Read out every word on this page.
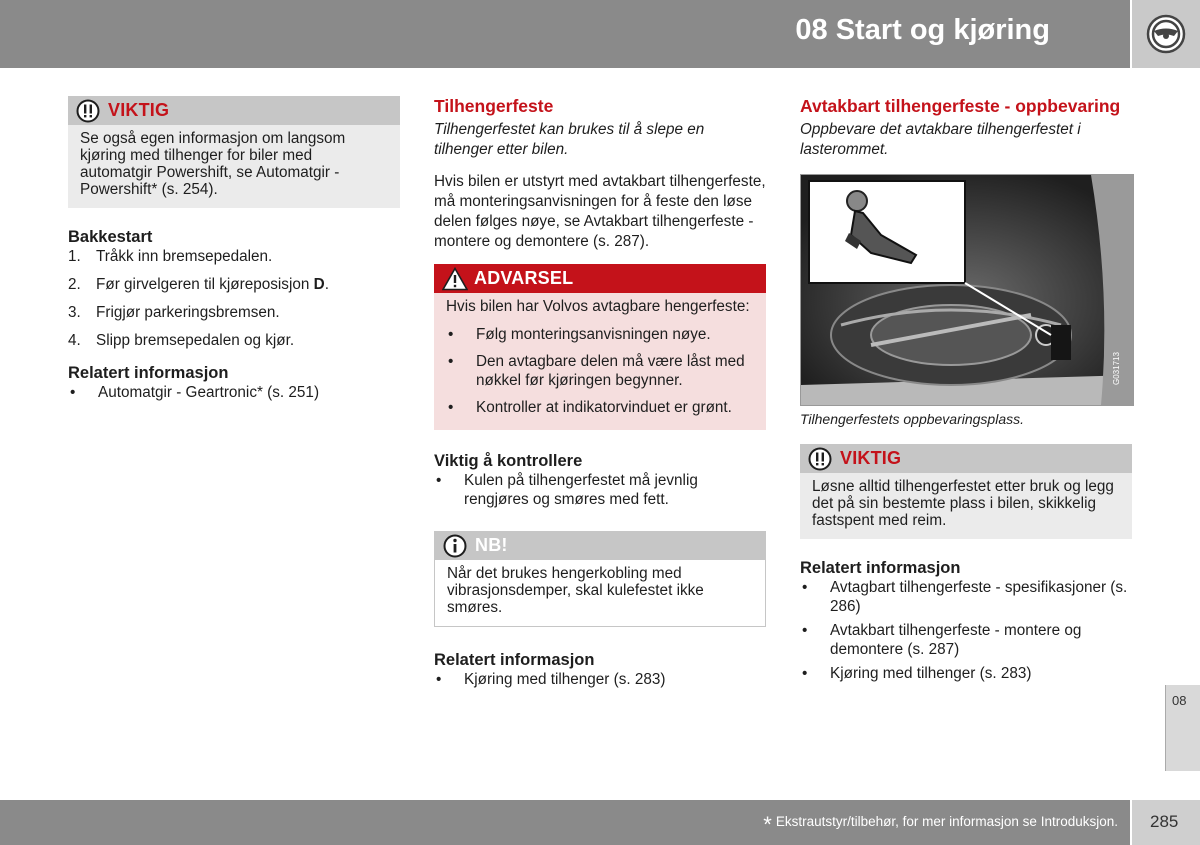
08 Start og kjøring
VIKTIG
Se også egen informasjon om langsom kjøring med tilhenger for biler med automatgir Powershift, se Automatgir - Powershift* (s. 254).
Bakkestart
1. Tråkk inn bremsepedalen.
2. Før girvelgeren til kjøreposisjon D.
3. Frigjør parkeringsbremsen.
4. Slipp bremsepedalen og kjør.
Relatert informasjon
•	Automatgir - Geartronic* (s. 251)
Tilhengerfeste

Tilhengerfestet kan brukes til å slepe en tilhenger etter bilen.

Hvis bilen er utstyrt med avtakbart tilhengerfeste, må monteringsanvisningen for å feste den løse delen følges nøye, se Avtakbart tilhengerfeste - montere og demontere (s. 287).

ADVARSEL
Hvis bilen har Volvos avtagbare hengerfeste:
•	Følg monteringsanvisningen nøye.
•	Den avtagbare delen må være låst med nøkkel før kjøringen begynner.
•	Kontroller at indikatorvinduet er grønt.
Viktig å kontrollere
•	Kulen på tilhengerfestet må jevnlig rengjøres og smøres med fett.
NB!
Når det brukes hengerkobling med vibrasjonsdemper, skal kulefestet ikke smøres.
Relatert informasjon
•	Kjøring med tilhenger (s. 283)
Avtakbart tilhengerfeste - oppbevaring

Oppbevare det avtakbare tilhengerfestet i lasterommet.

G031713
Tilhengerfestets oppbevaringsplass.
VIKTIG
Løsne alltid tilhengerfestet etter bruk og legg det på sin bestemte plass i bilen, skikkelig fastspent med reim.
Relatert informasjon
•	Avtagbart tilhengerfeste - spesifikasjoner (s. 286)
•	Avtakbart tilhengerfeste - montere og demontere (s. 287)
•	Kjøring med tilhenger (s. 283)
08
* Ekstrautstyr/tilbehør, for mer informasjon se Introduksjon. 285
